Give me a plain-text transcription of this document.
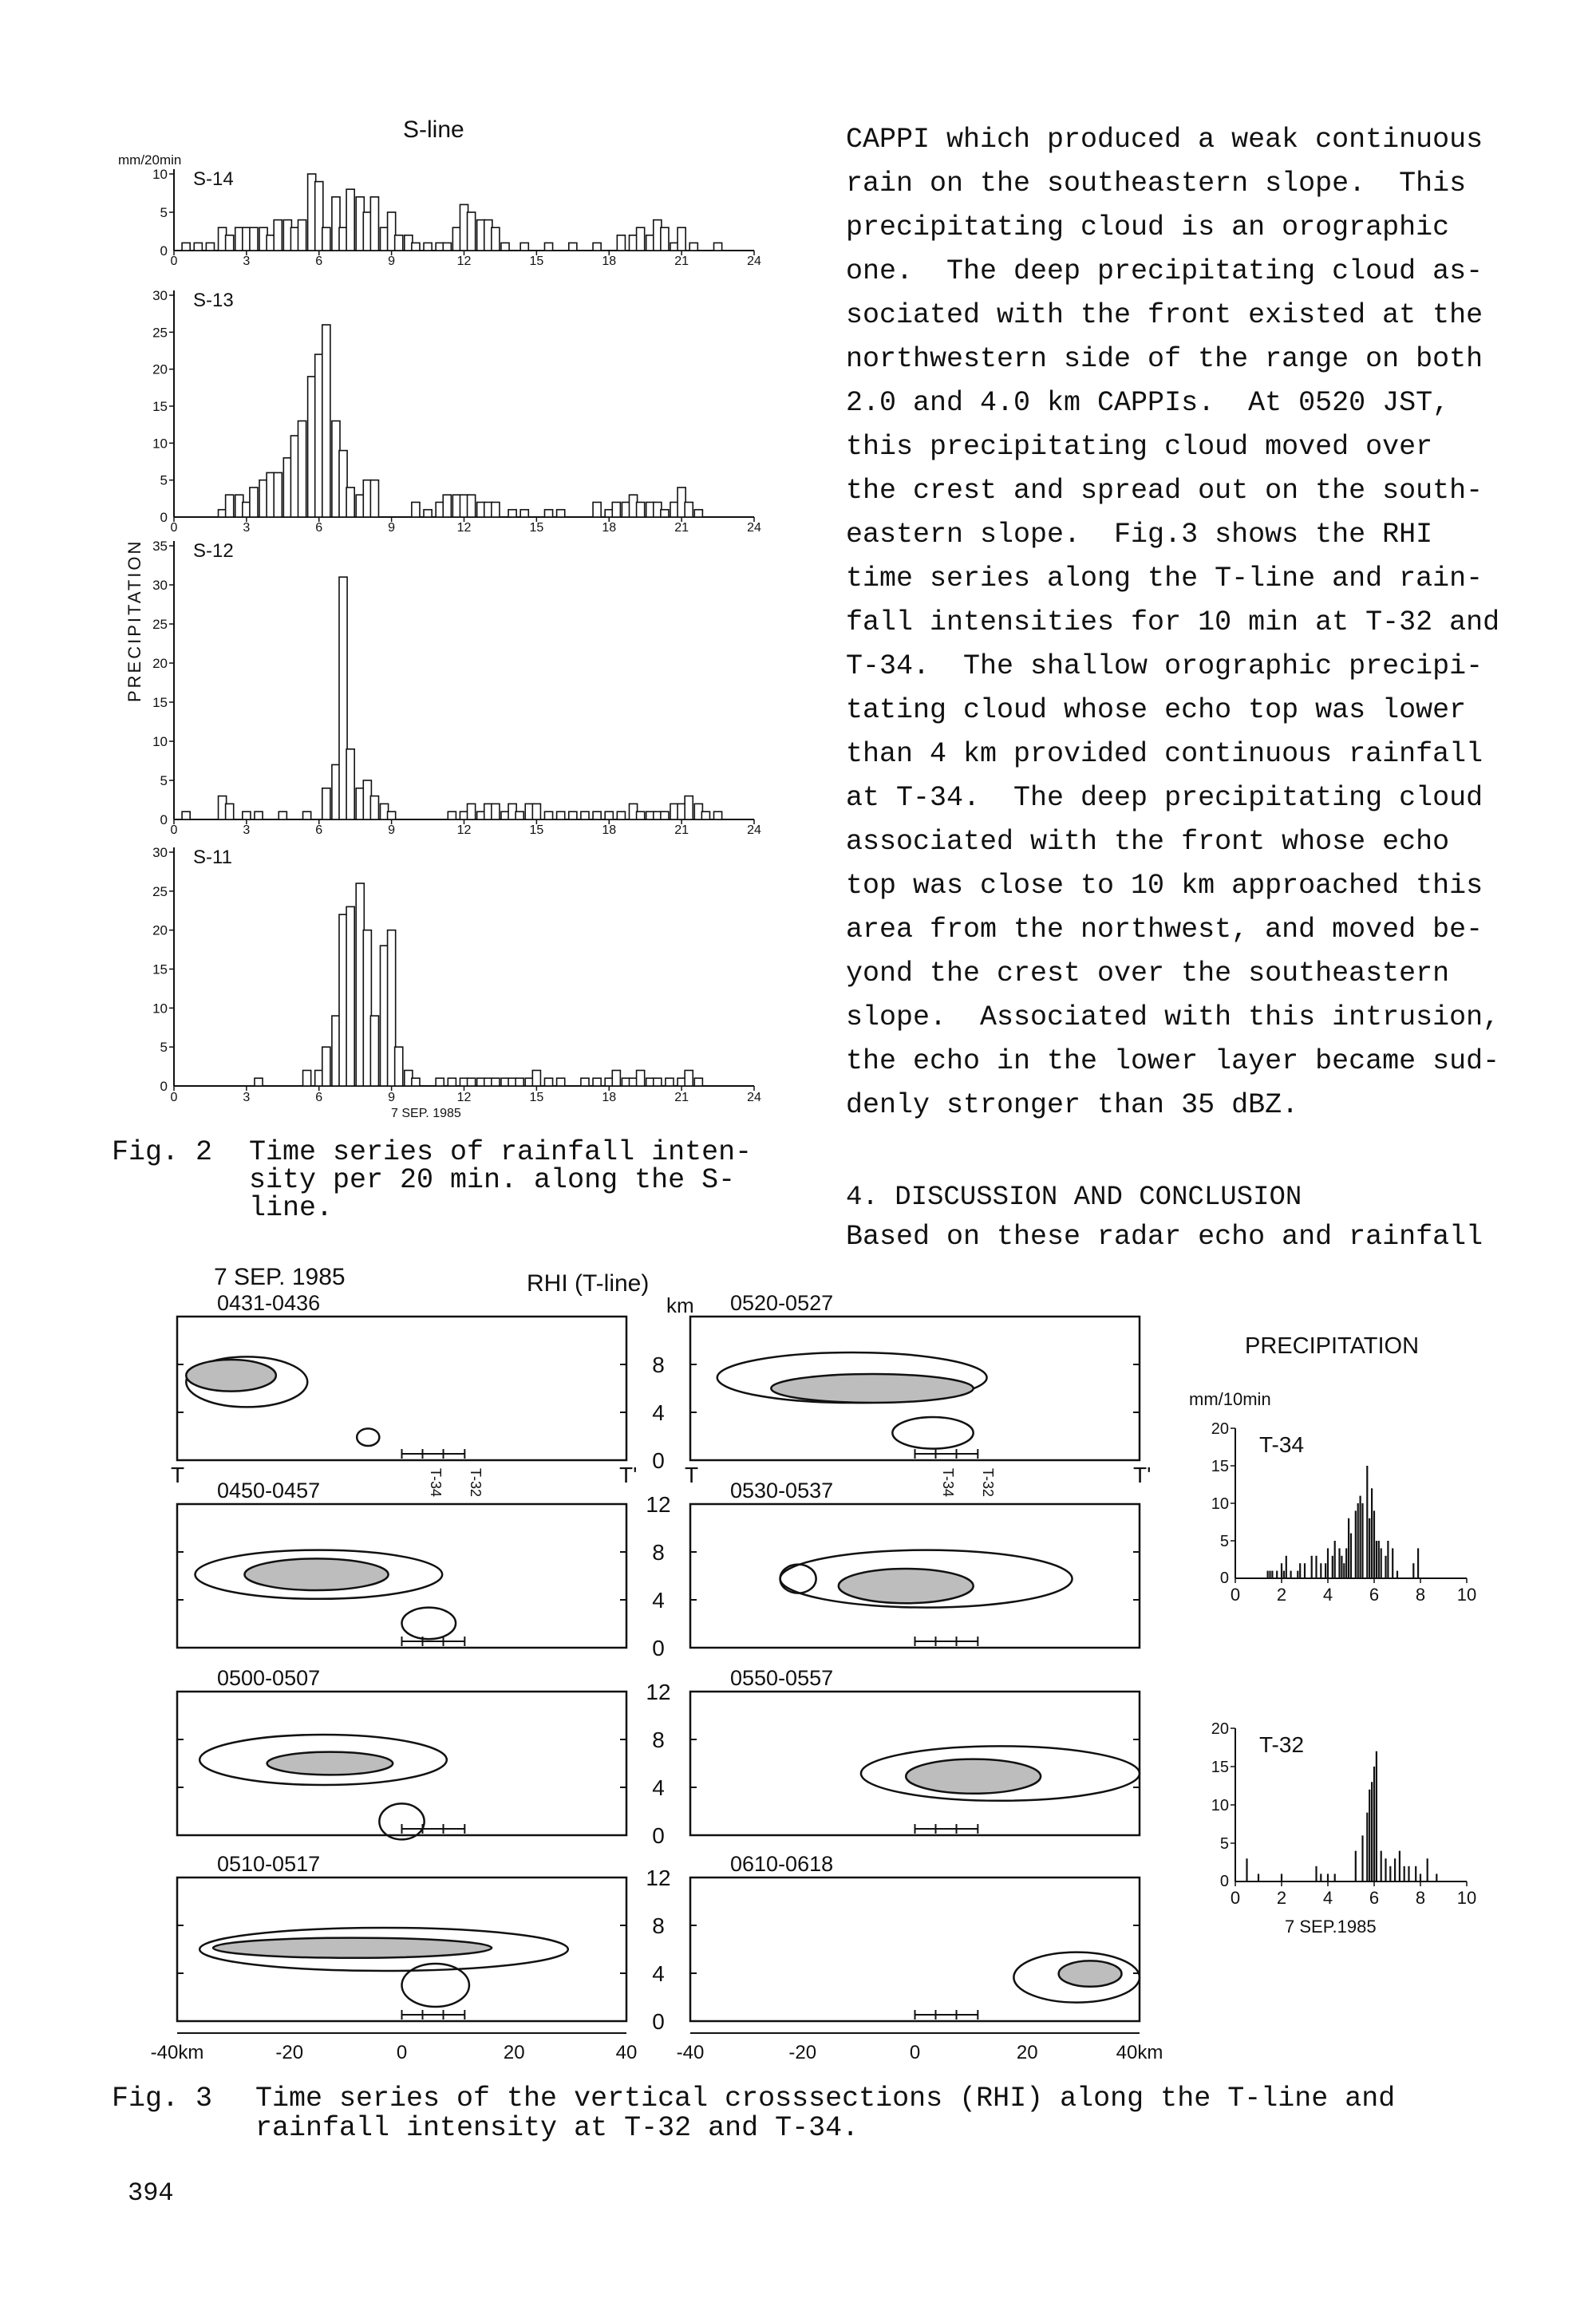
CAPPI which produced a weak continuous
rain on the southeastern slope.  This
precipitating cloud is an orographic
one.  The deep precipitating cloud as-
sociated with the front existed at the
northwestern side of the range on both
2.0 and 4.0 km CAPPIs.  At 0520 JST,
this precipitating cloud moved over
the crest and spread out on the south-
eastern slope.  Fig.3 shows the RHI
time series along the T-line and rain-
fall intensities for 10 min at T-32 and
T-34.  The shallow orographic precipi-
tating cloud whose echo top was lower
than 4 km provided continuous rainfall
at T-34.  The deep precipitating cloud
associated with the front whose echo
top was close to 10 km approached this
area from the northwest, and moved be-
yond the crest over the southeastern
slope.  Associated with this intrusion,
the echo in the lower layer became sud-
denly stronger than 35 dBZ.
4. DISCUSSION AND CONCLUSION
Based on these radar echo and rainfall
Fig. 2 Time series of rainfall inten-
sity per 20 min. along the S-
line.
Fig. 3 Time series of the vertical crosssections (RHI) along the T-line and
rainfall intensity at T-32 and T-34.
394
S-line
mm/20min
PRECIPITATION
7 SEP. 1985
5
10
0
0	3	6	9	12	15	18	21	24
S-14
5
10
15
20
25
30
0
0	3	6	9	12	15	18	21	24
S-13
5
10
15
20
25
30
35
0
0	3	6	9	12	15	18	21	24
S-12
5
10
15
20
25
30
0
0	3	6	9	12	15	18	21	24
S-11
7 SEP. 1985	RHI (T-line)
km
0431-0436	0520-0527
8
4
0
0450-0457	0530-0537
12
8
4
0
0500-0507	0550-0557
12
8
4
0
0510-0517	0610-0618
12
8
4
0
T	T' T	T'
T-34 T-32	T-34 T-32
-40km	-20	0	20	40 -40	-20	0	20	40km
PRECIPITATION
mm/10min
7 SEP.1985
5
10
15
20
0
0 2 4 6 8 10
T-34
5
10
15
20
0
0 2 4 6 8 10
T-32
